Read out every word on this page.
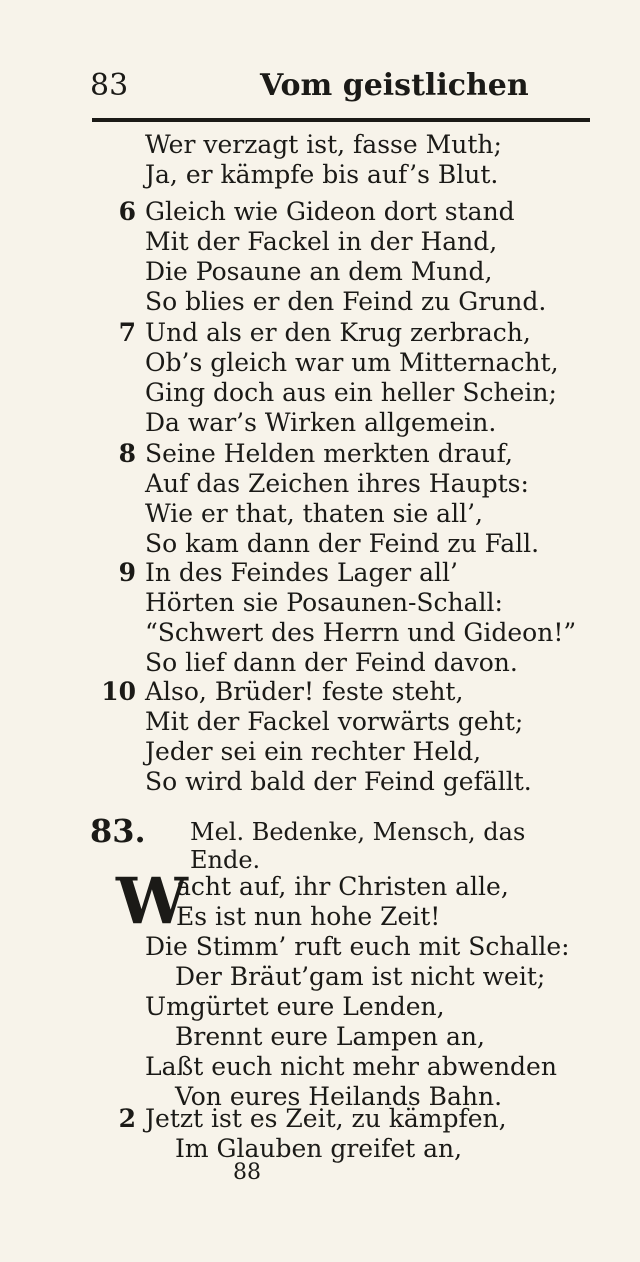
83	Vom geistlichen
Wer verzagt ist, fasse Muth;
Ja, er kämpfe bis auf’s Blut.
6 Gleich wie Gideon dort stand
Mit der Fackel in der Hand,
Die Posaune an dem Mund,
So blies er den Feind zu Grund.
7 Und als er den Krug zerbrach,
Ob’s gleich war um Mitternacht,
Ging doch aus ein heller Schein;
Da war’s Wirken allgemein.
8 Seine Helden merkten drauf,
Auf das Zeichen ihres Haupts:
Wie er that, thaten sie all’,
So kam dann der Feind zu Fall.
9 In des Feindes Lager all’
Hörten sie Posaunen-Schall:
“Schwert des Herrn und Gideon!”
So lief dann der Feind davon.
10 Also, Brüder! feste steht,
Mit der Fackel vorwärts geht;
Jeder sei ein rechter Held,
So wird bald der Feind gefällt.
83. Mel. Bedenke, Mensch, das Ende.
W
acht auf, ihr Christen alle,
Es ist nun hohe Zeit!
Die Stimm’ ruft euch mit Schalle:
Der Bräut’gam ist nicht weit;
Umgürtet eure Lenden,
Brennt eure Lampen an,
Laßt euch nicht mehr abwenden
Von eures Heilands Bahn.
2 Jetzt ist es Zeit, zu kämpfen,
Im Glauben greifet an,
88
